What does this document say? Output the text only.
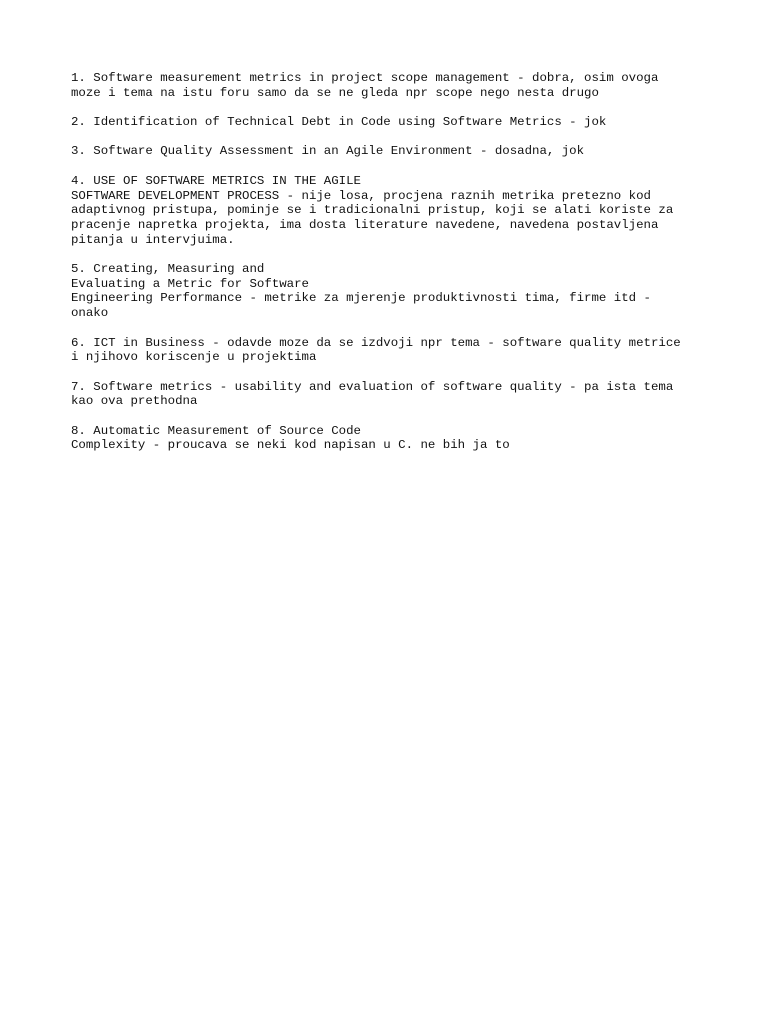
1. Software measurement metrics in project scope management - dobra, osim ovoga
moze i tema na istu foru samo da se ne gleda npr scope nego nesta drugo
2. Identification of Technical Debt in Code using Software Metrics - jok
3. Software Quality Assessment in an Agile Environment - dosadna, jok
4. USE OF SOFTWARE METRICS IN THE AGILE
SOFTWARE DEVELOPMENT PROCESS - nije losa, procjena raznih metrika pretezno kod
adaptivnog pristupa, pominje se i tradicionalni pristup, koji se alati koriste za
pracenje napretka projekta, ima dosta literature navedene, navedena postavljena
pitanja u intervjuima.
5. Creating, Measuring and
Evaluating a Metric for Software
Engineering Performance - metrike za mjerenje produktivnosti tima, firme itd -
onako
6. ICT in Business - odavde moze da se izdvoji npr tema - software quality metrice
i njihovo koriscenje u projektima
7. Software metrics - usability and evaluation of software quality - pa ista tema
kao ova prethodna
8. Automatic Measurement of Source Code
Complexity - proucava se neki kod napisan u C. ne bih ja to
